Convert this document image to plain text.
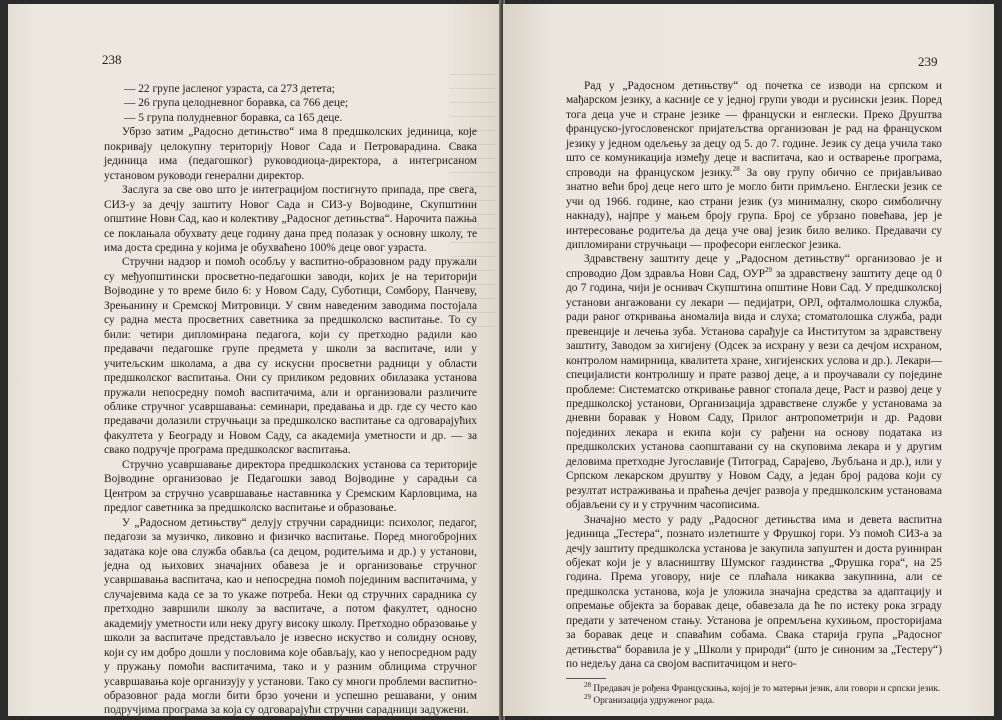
238

— 22 групе јасленог узраста, са 273 детета;

— 26 група целодневног боравка, са 766 деце;

— 5 група полудневног боравка, са 165 деце.

Убрзо затим „Радосно детињство“ има 8 предшколских јединица, које покривају целокупну територију Новог Сада и Петроварадина. Свака јединица има (педагошког) руководиоца-директора, а интегрисаном установом руководи генерални директор.

Заслуга за све ово што је интеграцијом постигнуто припада, пре свега, СИЗ-у за дечју заштиту Новог Сада и СИЗ-у Војводине, Скупштини општине Нови Сад, као и колективу „Радосног детињства“. Нарочита пажња се поклањала обухвату деце годину дана пред полазак у основну школу, те има доста средина у којима је обухваћено 100% деце овог узраста.

Стручни надзор и помоћ особљу у васпитно-образовном раду пружали су међуопштински просветно-педагошки заводи, којих је на територији Војводине у то време било 6: у Новом Саду, Суботици, Сомбору, Панчеву, Зрењанину и Сремској Митровици. У свим наведеним заводима постојала су радна места просветних саветника за предшколско васпитање. То су били: четири дипломирана педагога, који су претходно радили као предавачи педагошке групе предмета у школи за васпитаче, или у учитељским школама, а два су искусни просветни радници у области предшколског васпитања. Они су приликом редовних обилазака установа пружали непосредну помоћ васпитачима, али и организовали различите облике стручног усавршавања: семинари, предавања и др. где су често као предавачи долазили стручњаци за предшколско васпитање са одговарајућих факултета у Београду и Новом Саду, са академија уметности и др. — за свако подручје програма предшколског васпитања.

Стручно усавршавање директора предшколских установа са територије Војводине организовао је Педагошки завод Војводине у сарадњи са Центром за стручно усавршавање наставника у Сремским Карловцима, на предлог саветника за предшколско васпитање и образовање.

У „Радосном детињству“ делују стручни сарадници: психолог, педагог, педагози за музичко, ликовно и физичко васпитање. Поред многобројних задатака које ова служба обавља (са децом, родитељима и др.) у установи, једна од њихових значајних обавеза је и организовање стручног усавршавања васпитача, као и непосредна помоћ појединим васпитачима, у случајевима када се за то укаже потреба. Неки од стручних сарадника су претходно завршили школу за васпитаче, а потом факултет, односно академију уметности или неку другу високу школу. Претходно образовање у школи за васпитаче представљало је извесно искуство и солидну основу, који су им добро дошли у пословима које обављају, као у непосредном раду у пружању помоћи васпитачима, тако и у разним облицима стручног усавршавања које организују у установи. Тако су многи проблеми васпитно-образовног рада могли бити брзо уочени и успешно решавани, у оним подручјима програма за која су одговарајући стручни сарадници задужени.

239

Рад у „Радосном детињству“ од почетка се изводи на српском и мађарском језику, а касније се у једној групи уводи и русински језик. Поред тога деца уче и стране језике — француски и енглески. Преко Друштва француско-југословенског пријатељства организован је рад на француском језику у једном одељењу за децу од 5. до 7. године. Језик су деца учила тако што се комуникација између деце и васпитача, као и остварење програма, спроводи на француском језику.$^{28}$ За ову групу обично се пријављивао знатно већи број деце него што је могло бити примљено. Енглески језик се учи од 1966. године, као страни језик (уз минималну, скоро симболичну накнаду), најпре у мањем броју група. Број се убрзано повећава, јер је интересовање родитеља да деца уче овај језик било велико. Предавачи су дипломирани стручњаци — професори енглеског језика.

Здравствену заштиту деце у „Радосном детињству“ организовао је и спроводио Дом здравља Нови Сад, ОУР$^{29}$ за здравствену заштиту деце од 0 до 7 година, чији је оснивач Скупштина општине Нови Сад. У предшколској установи ангажовани су лекари — педијатри, ОРЛ, офталмолошка служба, ради раног откривања аномалија вида и слуха; стоматолошка служба, ради превенције и лечења зуба. Установа сарађује са Институтом за здравствену заштиту, Заводом за хигијену (Одсек за исхрану у вези са дечјом исхраном, контролом намирница, квалитета хране, хигијенских услова и др.). Лекари—специјалисти контролишу и прате развој деце, а и проучавали су поједине проблеме: Систематско откривање равног стопала деце, Раст и развој деце у предшколској установи, Организација здравствене службе у установама за дневни боравак у Новом Саду, Прилог антропометрији и др. Радови појединих лекара и екипа који су рађени на основу података из предшколских установа саопштавани су на скуповима лекара и у другим деловима претходне Југославије (Титоград, Сарајево, Љубљана и др.), или у Српском лекарском друштву у Новом Саду, а један број радова који су резултат истраживања и праћења дечјег развоја у предшколским установама објављени су и у стручним часописима.

Значајно место у раду „Радосног детињства има и девета васпитна јединица „Тестера“, познато излетиште у Фрушкој гори. Уз помоћ СИЗ-а за дечју заштиту предшколска установа је закупила запуштен и доста руиниран објекат који је у власништву Шумског газдинства „Фрушка гора“, на 25 година. Према уговору, није се плаћала никаква закупнина, али се предшколска установа, која је уложила значајна средства за адаптацију и опремање објекта за боравак деце, обавезала да ће по истеку рока зграду предати у затеченом стању. Установа је опремљена кухињом, просторијама за боравак деце и спаваћим собама. Свака старија група „Радосног детињства“ боравила је у „Школи у природи“ (што је синоним за „Тестеру“) по недељу дана са својом васпитачицом и него-

$^{28}$ Предавач је рођена Францускиња, којој је то матерњи језик, али говори и српски језик.

$^{29}$ Организација удруженог рада.
